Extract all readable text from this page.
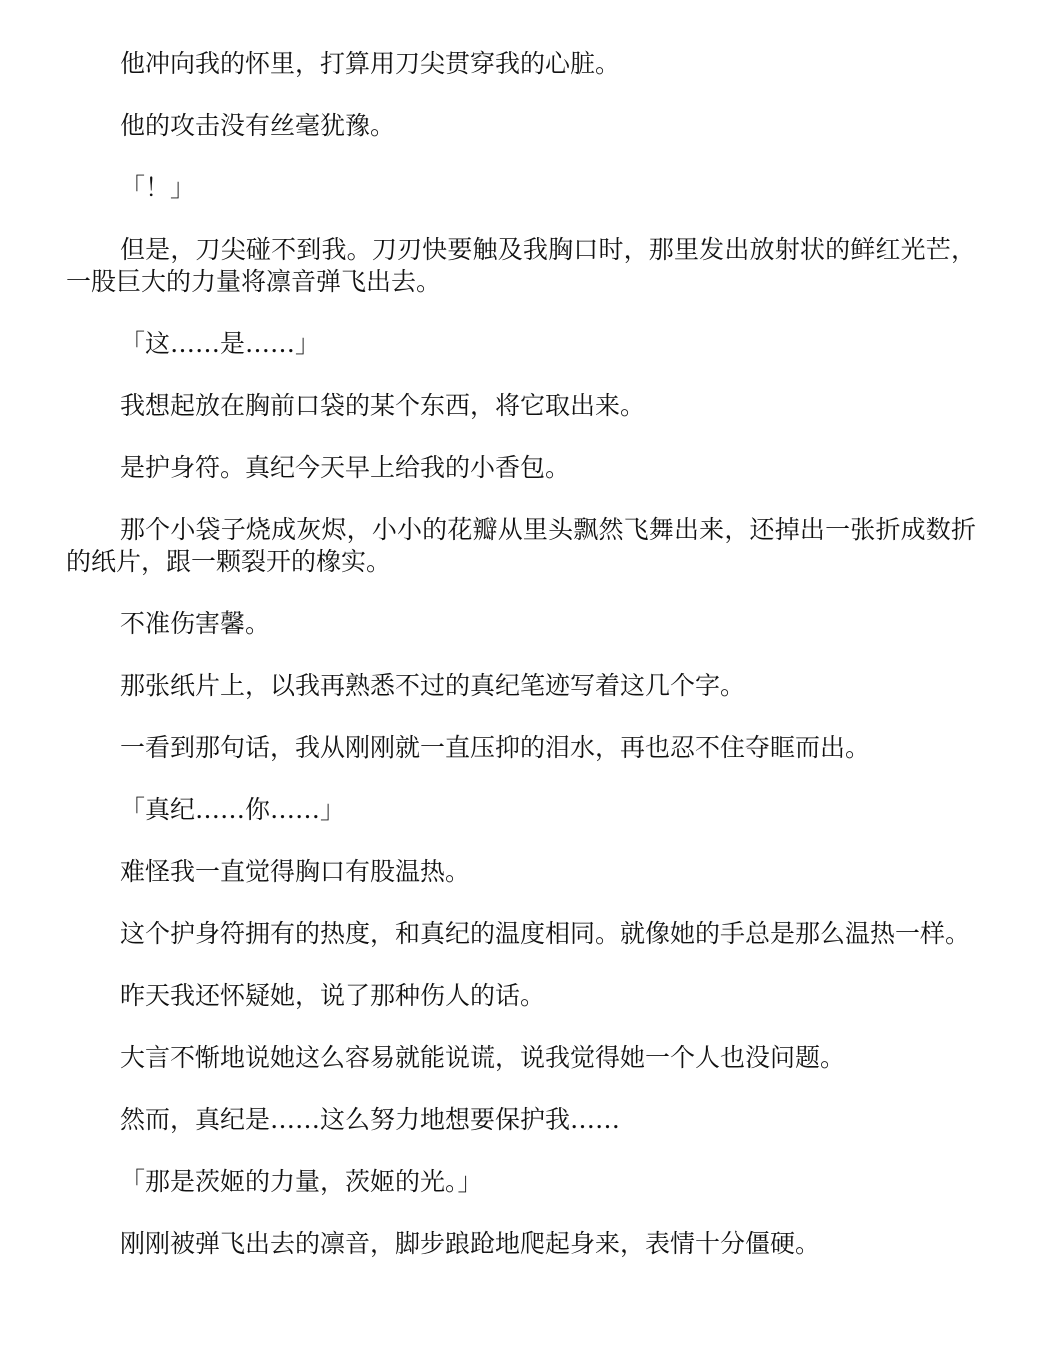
他冲向我的怀里，打算用刀尖贯穿我的心脏。

他的攻击没有丝毫犹豫。

「！」

但是，刀尖碰不到我。刀刃快要触及我胸口时，那里发出放射状的鲜红光芒，一股巨大的力量将凛音弹飞出去。

「这……是……」

我想起放在胸前口袋的某个东西，将它取出来。

是护身符。真纪今天早上给我的小香包。

那个小袋子烧成灰烬，小小的花瓣从里头飘然飞舞出来，还掉出一张折成数折的纸片，跟一颗裂开的橡实。

不准伤害馨。

那张纸片上，以我再熟悉不过的真纪笔迹写着这几个字。

一看到那句话，我从刚刚就一直压抑的泪水，再也忍不住夺眶而出。

「真纪……你……」

难怪我一直觉得胸口有股温热。

这个护身符拥有的热度，和真纪的温度相同。就像她的手总是那么温热一样。

昨天我还怀疑她，说了那种伤人的话。

大言不惭地说她这么容易就能说谎，说我觉得她一个人也没问题。

然而，真纪是……这么努力地想要保护我……

「那是茨姬的力量，茨姬的光。」

刚刚被弹飞出去的凛音，脚步踉跄地爬起身来，表情十分僵硬。
